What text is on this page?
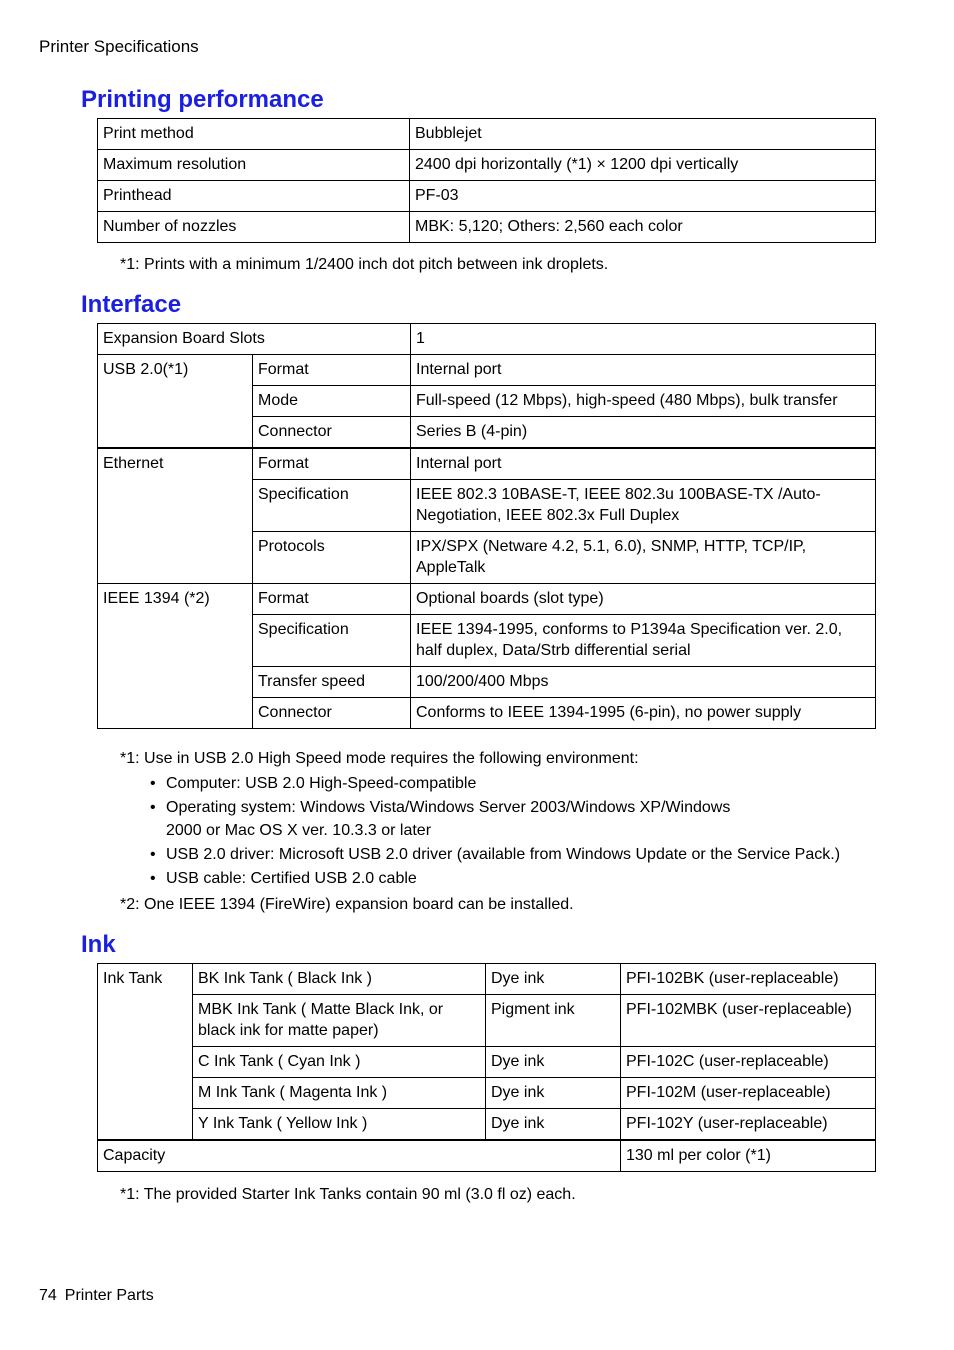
Printer Specifications
Printing performance
Print method	Bubblejet
Maximum resolution	2400 dpi horizontally (*1) × 1200 dpi vertically
Printhead	PF-03
Number of nozzles	MBK: 5,120; Others: 2,560 each color
*1: Prints with a minimum 1/2400 inch dot pitch between ink droplets.
Interface
Expansion Board Slots		1
USB 2.0(*1)	Format	Internal port
	Mode	Full-speed (12 Mbps), high-speed (480 Mbps), bulk transfer
	Connector	Series B (4-pin)
Ethernet	Format	Internal port
	Specification	IEEE 802.3 10BASE-T, IEEE 802.3u 100BASE-TX /Auto-Negotiation, IEEE 802.3x Full Duplex
	Protocols	IPX/SPX (Netware 4.2, 5.1, 6.0), SNMP, HTTP, TCP/IP, AppleTalk
IEEE 1394 (*2)	Format	Optional boards (slot type)
	Specification	IEEE 1394-1995, conforms to P1394a Specification ver. 2.0, half duplex, Data/Strb differential serial
	Transfer speed	100/200/400 Mbps
	Connector	Conforms to IEEE 1394-1995 (6-pin), no power supply
*1: Use in USB 2.0 High Speed mode requires the following environment:
• Computer: USB 2.0 High-Speed-compatible
• Operating system: Windows Vista/Windows Server 2003/Windows XP/Windows 2000 or Mac OS X ver. 10.3.3 or later
• USB 2.0 driver: Microsoft USB 2.0 driver (available from Windows Update or the Service Pack.)
• USB cable: Certified USB 2.0 cable
*2: One IEEE 1394 (FireWire) expansion board can be installed.
Ink
Ink Tank	BK Ink Tank ( Black Ink )	Dye ink	PFI-102BK (user-replaceable)
	MBK Ink Tank ( Matte Black Ink, or black ink for matte paper)	Pigment ink	PFI-102MBK (user-replaceable)
	C Ink Tank ( Cyan Ink )	Dye ink	PFI-102C (user-replaceable)
	M Ink Tank ( Magenta Ink )	Dye ink	PFI-102M (user-replaceable)
	Y Ink Tank ( Yellow Ink )	Dye ink	PFI-102Y (user-replaceable)
Capacity			130 ml per color (*1)
*1: The provided Starter Ink Tanks contain 90 ml (3.0 fl oz) each.
74 Printer Parts
